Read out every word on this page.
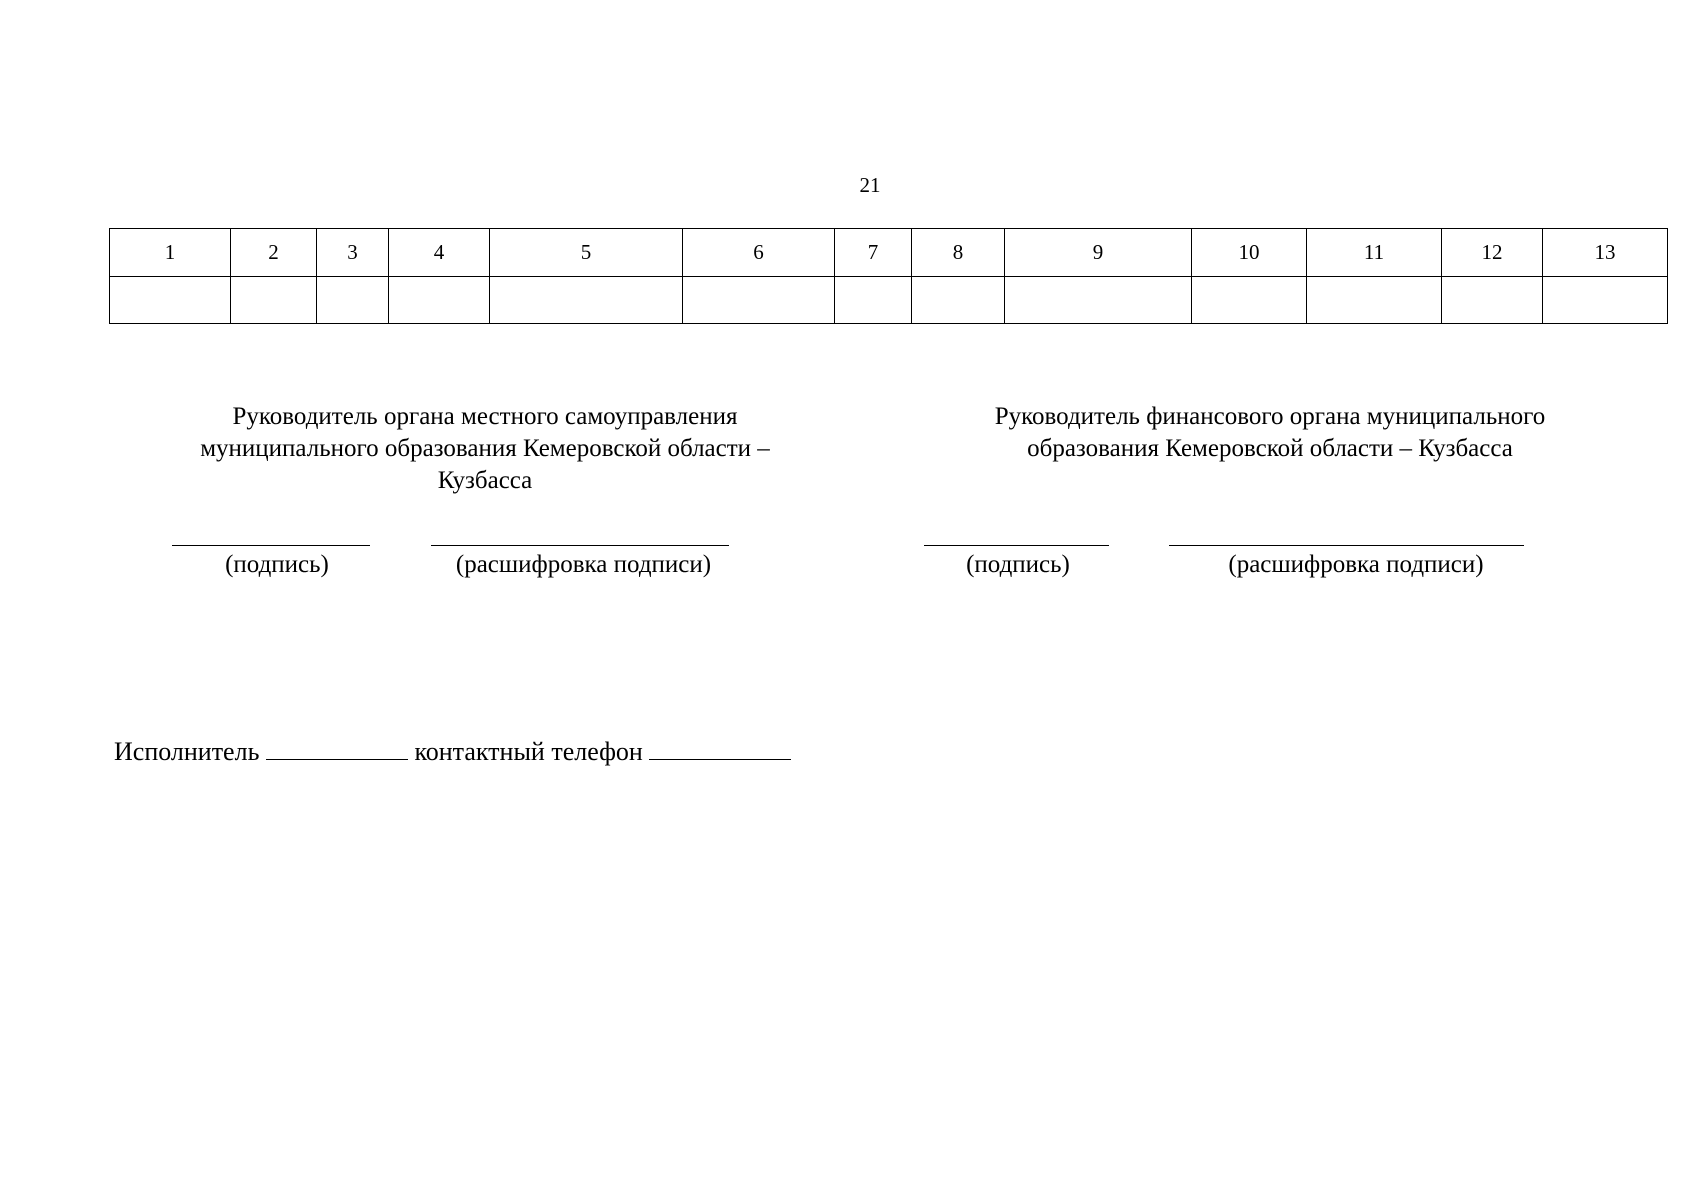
21
1	2	3	4	5	6	7	8	9	10	11	12	13

Руководитель органа местного самоуправления
муниципального образования Кемеровской области –
Кузбасса
(подпись)	(расшифровка подписи)
Руководитель финансового органа муниципального
образования Кемеровской области – Кузбасса
(подпись)	(расшифровка подписи)
Исполнитель	контактный телефон
